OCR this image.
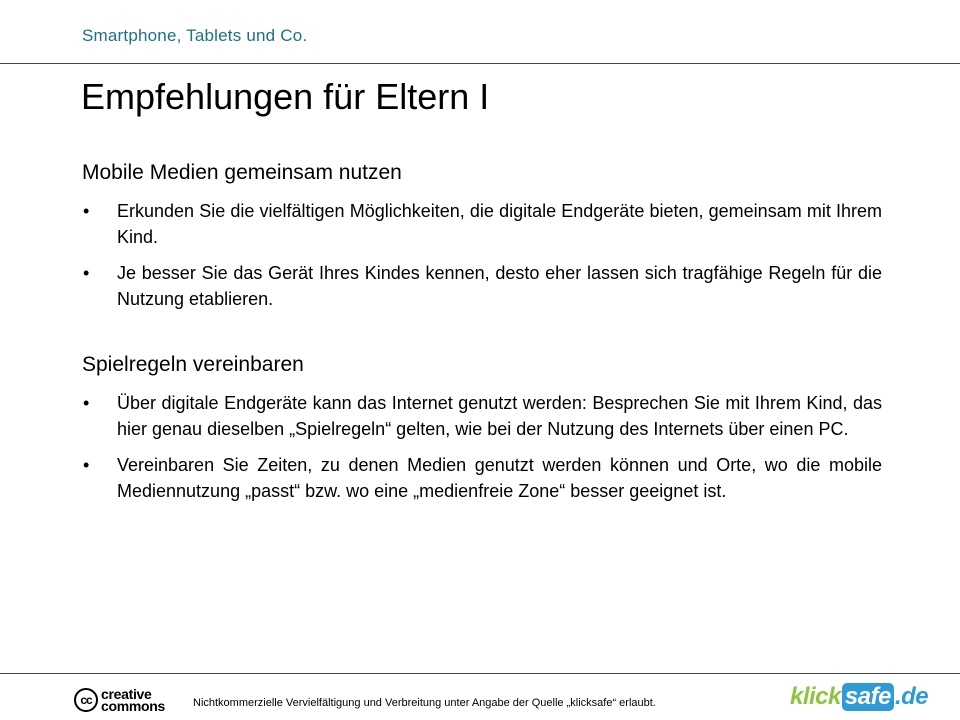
Smartphone, Tablets und Co.
Empfehlungen für Eltern I
Mobile Medien gemeinsam nutzen
• Erkunden Sie die vielfältigen Möglichkeiten, die digitale Endgeräte bieten, gemeinsam mit Ihrem Kind.
• Je besser Sie das Gerät Ihres Kindes kennen, desto eher lassen sich tragfähige Regeln für die Nutzung etablieren.
Spielregeln vereinbaren
• Über digitale Endgeräte kann das Internet genutzt werden: Besprechen Sie mit Ihrem Kind, das hier genau dieselben „Spielregeln“ gelten, wie bei der Nutzung des Internets über einen PC.
• Vereinbaren Sie Zeiten, zu denen Medien genutzt werden können und Orte, wo die mobile Mediennutzung „passt“ bzw. wo eine „medienfreie Zone“ besser geeignet ist.
cc creative
commons	Nichtkommerzielle Vervielfältigung und Verbreitung unter Angabe der Quelle „klicksafe“ erlaubt.	klick safe .de
